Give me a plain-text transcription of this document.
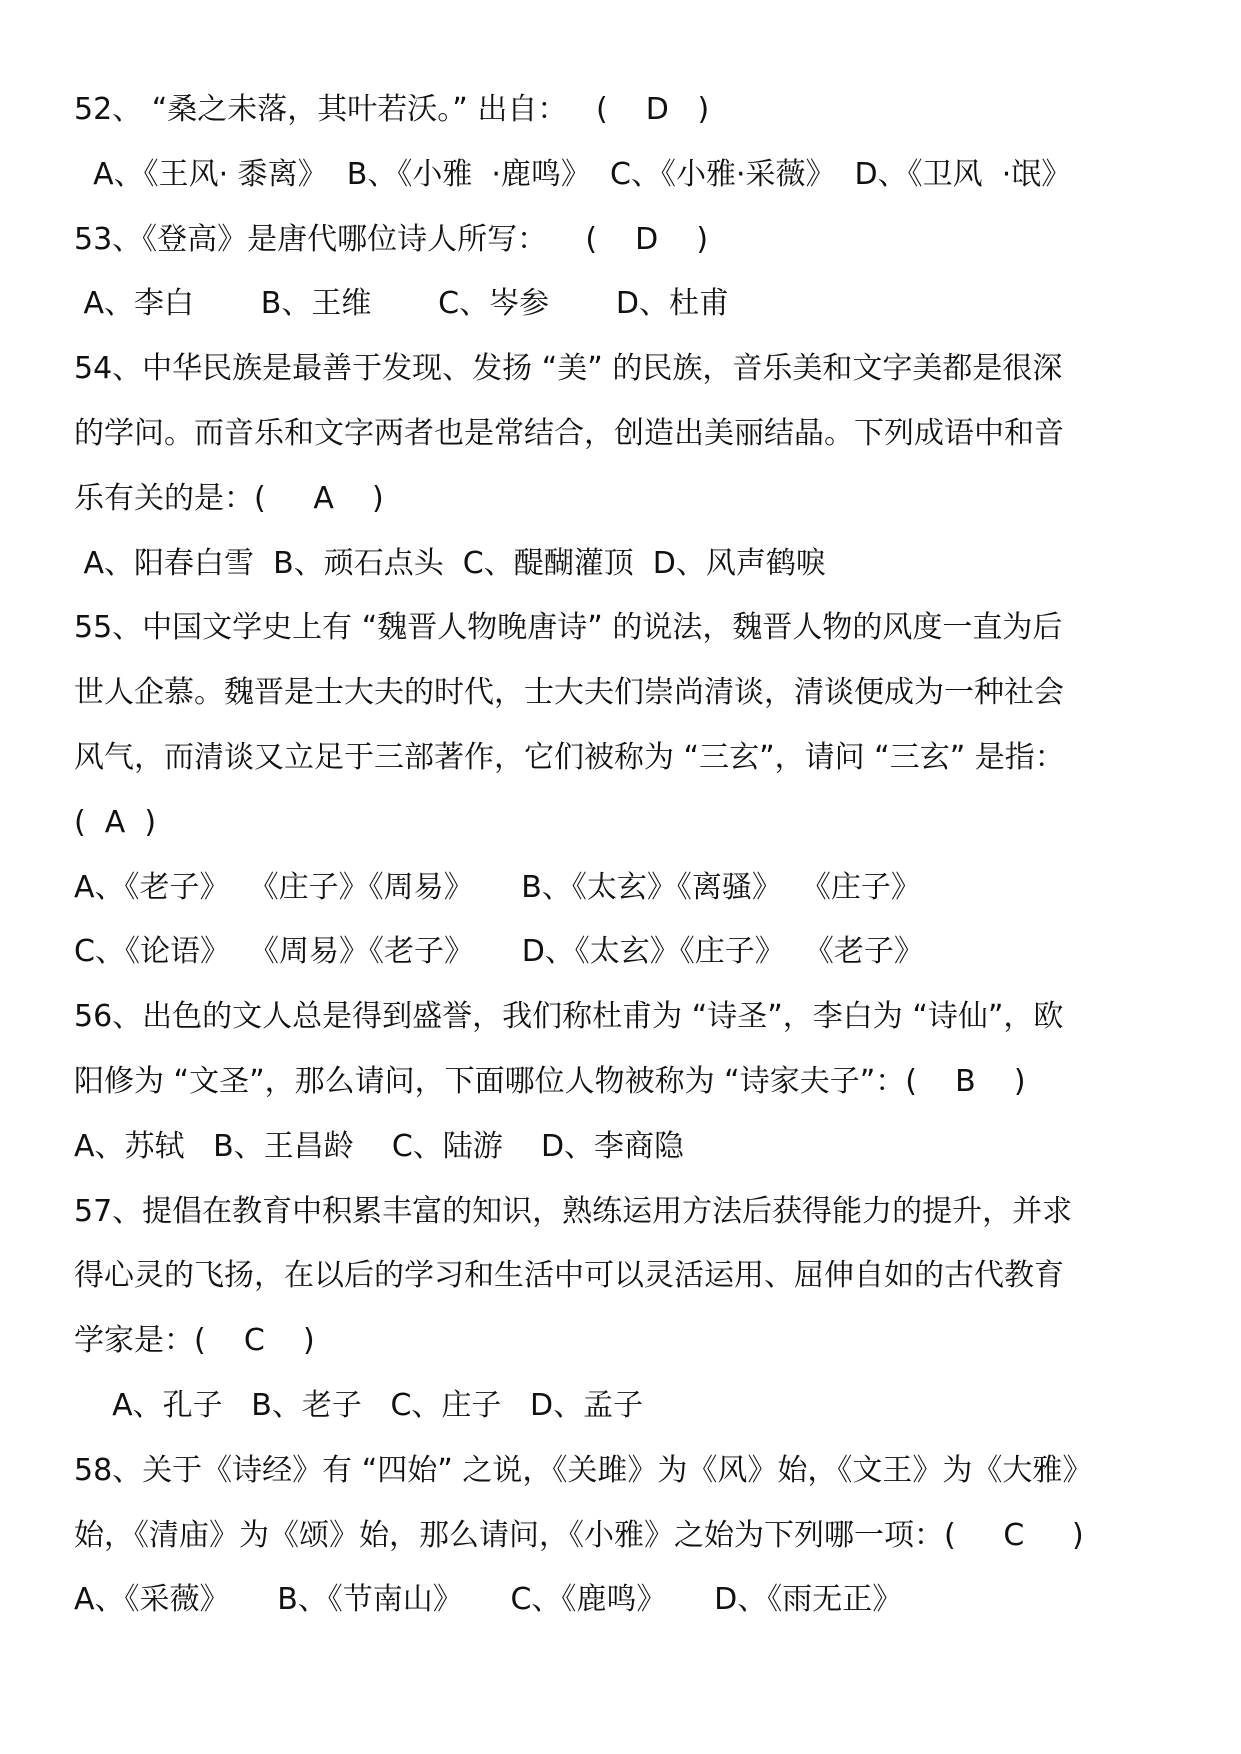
52、 “桑之未落，其叶若沃。” 出自：   (    D   )
A、《王风· 黍离》  B、《小雅  ·鹿鸣》  C、《小雅·采薇》  D、《卫风  ·氓》
53、《登高》是唐代哪位诗人所写：    (    D    )
A、李白       B、王维       C、岑参       D、杜甫
54、中华民族是最善于发现、发扬 “美” 的民族，音乐美和文字美都是很深
的学问。而音乐和文字两者也是常结合，创造出美丽结晶。下列成语中和音
乐有关的是：(     A    )
A、阳春白雪  B、顽石点头  C、醍醐灌顶  D、风声鹤唳
55、中国文学史上有 “魏晋人物晚唐诗” 的说法，魏晋人物的风度一直为后
世人企慕。魏晋是士大夫的时代，士大夫们崇尚清谈，清谈便成为一种社会
风气，而清谈又立足于三部著作，它们被称为 “三玄”，请问 “三玄” 是指：
(  A  )
A、《老子》  《庄子》《周易》     B、《太玄》《离骚》  《庄子》
C、《论语》  《周易》《老子》     D、《太玄》《庄子》  《老子》
56、出色的文人总是得到盛誉，我们称杜甫为 “诗圣”，李白为 “诗仙”，欧
阳修为 “文圣”，那么请问，下面哪位人物被称为 “诗家夫子”：(    B    )
A、苏轼   B、王昌龄    C、陆游    D、李商隐
57、提倡在教育中积累丰富的知识，熟练运用方法后获得能力的提升，并求
得心灵的飞扬，在以后的学习和生活中可以灵活运用、屈伸自如的古代教育
学家是：(    C    )
A、孔子   B、老子   C、庄子   D、孟子
58、关于《诗经》有 “四始” 之说，《关雎》为《风》始，《文王》为《大雅》
始，《清庙》为《颂》始，那么请问，《小雅》之始为下列哪一项：(     C     )
A、《采薇》     B、《节南山》     C、《鹿鸣》     D、《雨无正》
